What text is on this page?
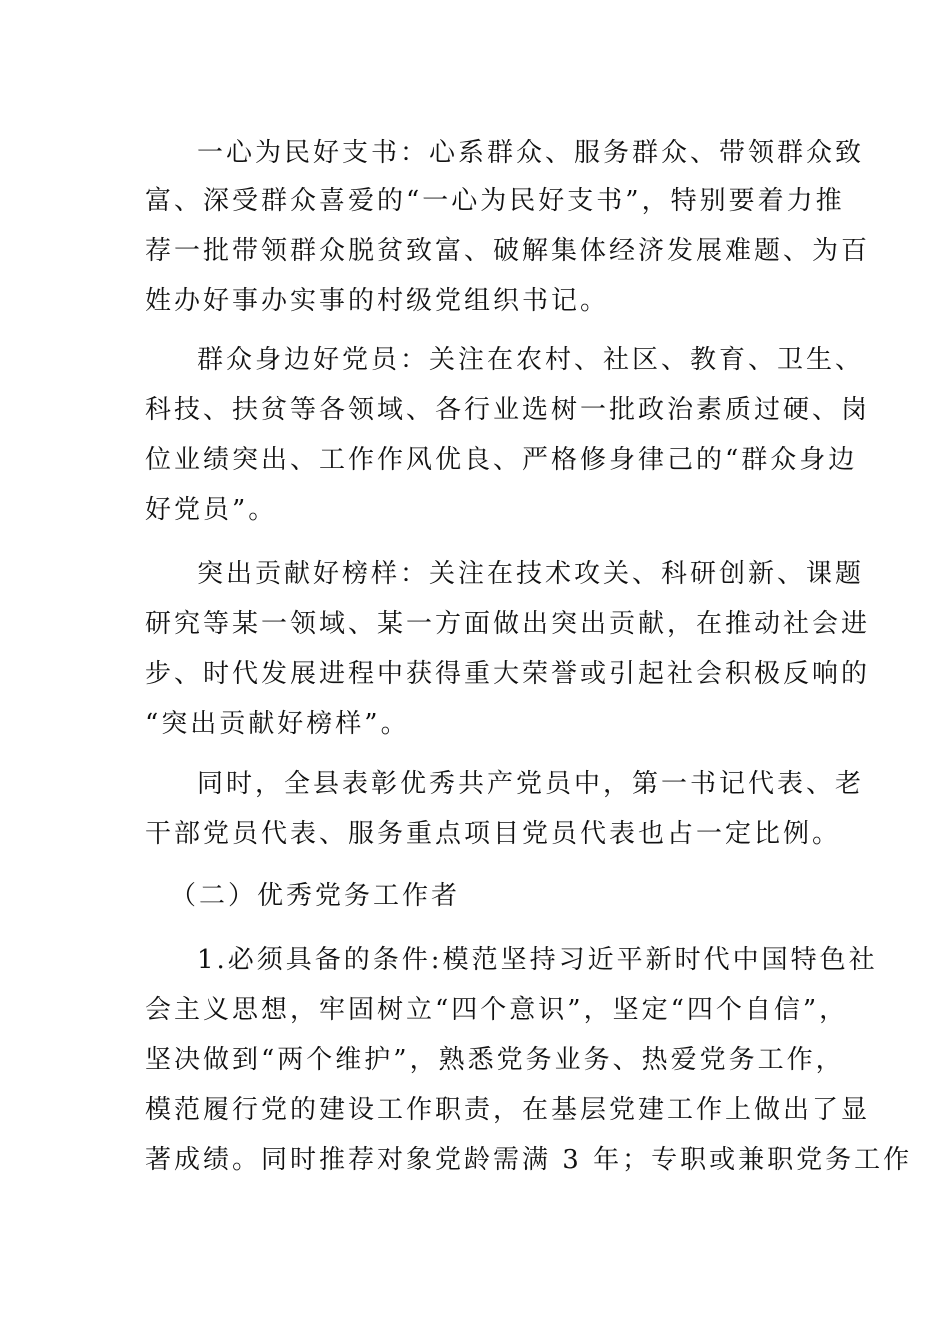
一心为民好支书：心系群众、服务群众、带领群众致
富、深受群众喜爱的“一心为民好支书”，特别要着力推
荐一批带领群众脱贫致富、破解集体经济发展难题、为百
姓办好事办实事的村级党组织书记。
群众身边好党员：关注在农村、社区、教育、卫生、
科技、扶贫等各领域、各行业选树一批政治素质过硬、岗
位业绩突出、工作作风优良、严格修身律己的“群众身边
好党员”。
突出贡献好榜样：关注在技术攻关、科研创新、课题
研究等某一领域、某一方面做出突出贡献，在推动社会进
步、时代发展进程中获得重大荣誉或引起社会积极反响的
“突出贡献好榜样”。
同时，全县表彰优秀共产党员中，第一书记代表、老
干部党员代表、服务重点项目党员代表也占一定比例。
（二）优秀党务工作者
1.必须具备的条件:模范坚持习近平新时代中国特色社
会主义思想，牢固树立“四个意识”，坚定“四个自信”，
坚决做到“两个维护”，熟悉党务业务、热爱党务工作，
模范履行党的建设工作职责，在基层党建工作上做出了显
著成绩。同时推荐对象党龄需满 3 年；专职或兼职党务工作
